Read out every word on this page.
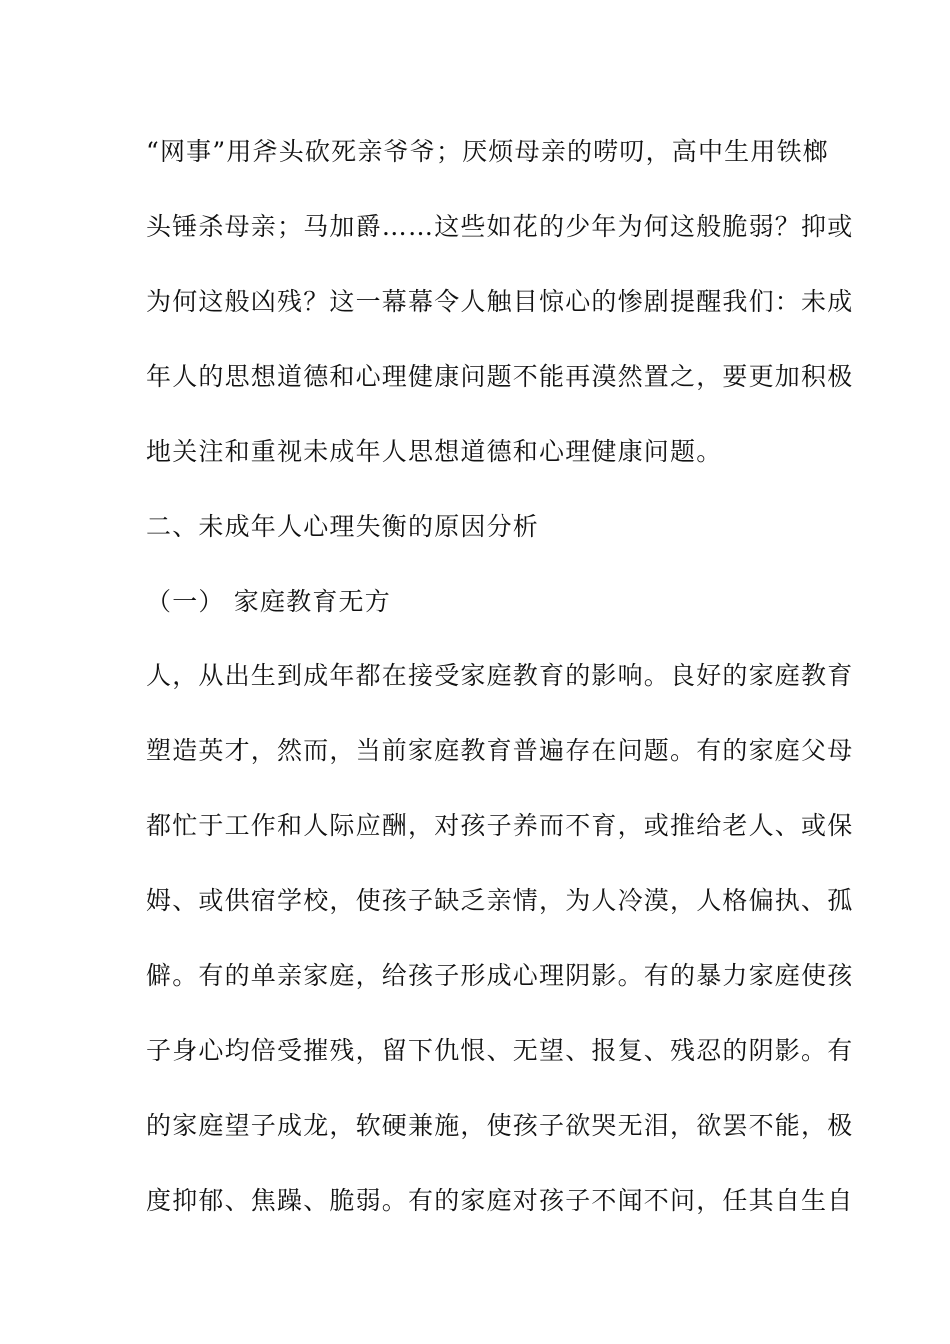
“网事”用斧头砍死亲爷爷；厌烦母亲的唠叨，高中生用铁榔
头锤杀母亲；马加爵……这些如花的少年为何这般脆弱？抑或
为何这般凶残？这一幕幕令人触目惊心的惨剧提醒我们：未成
年人的思想道德和心理健康问题不能再漠然置之，要更加积极
地关注和重视未成年人思想道德和心理健康问题。
二、未成年人心理失衡的原因分析
（一） 家庭教育无方
人，从出生到成年都在接受家庭教育的影响。良好的家庭教育
塑造英才，然而，当前家庭教育普遍存在问题。有的家庭父母
都忙于工作和人际应酬，对孩子养而不育，或推给老人、或保
姆、或供宿学校，使孩子缺乏亲情，为人冷漠，人格偏执、孤
僻。有的单亲家庭，给孩子形成心理阴影。有的暴力家庭使孩
子身心均倍受摧残，留下仇恨、无望、报复、残忍的阴影。有
的家庭望子成龙，软硬兼施，使孩子欲哭无泪，欲罢不能，极
度抑郁、焦躁、脆弱。有的家庭对孩子不闻不问，任其自生自
